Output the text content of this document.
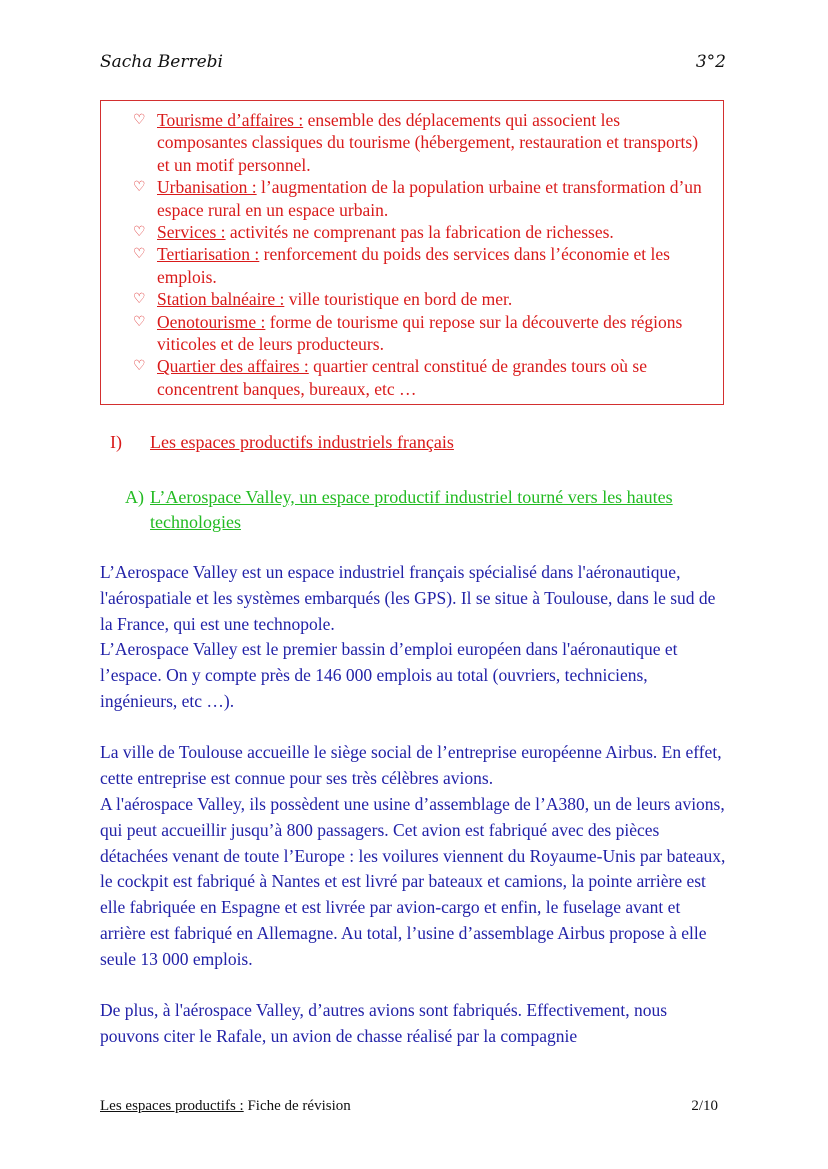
Sacha Berrebi	3°2
♡ Tourisme d’affaires : ensemble des déplacements qui associent les composantes classiques du tourisme (hébergement, restauration et transports) et un motif personnel.
♡ Urbanisation : l’augmentation de la population urbaine et transformation d’un espace rural en un espace urbain.
♡ Services : activités ne comprenant pas la fabrication de richesses.
♡ Tertiarisation : renforcement du poids des services dans l’économie et les emplois.
♡ Station balnéaire : ville touristique en bord de mer.
♡ Oenotourisme : forme de tourisme qui repose sur la découverte des régions viticoles et de leurs producteurs.
♡ Quartier des affaires : quartier central constitué de grandes tours où se concentrent banques, bureaux, etc …
I) Les espaces productifs industriels français
A) L’Aerospace Valley, un espace productif industriel tourné vers les hautes technologies

L’Aerospace Valley est un espace industriel français spécialisé dans l'aéronautique, l'aérospatiale et les systèmes embarqués (les GPS). Il se situe à Toulouse, dans le sud de la France, qui est une technopole.

L’Aerospace Valley est le premier bassin d’emploi européen dans l'aéronautique et l’espace. On y compte près de 146 000 emplois au total (ouvriers, techniciens, ingénieurs, etc …).

La ville de Toulouse accueille le siège social de l’entreprise européenne Airbus. En effet, cette entreprise est connue pour ses très célèbres avions.

A l'aérospace Valley, ils possèdent une usine d’assemblage de l’A380, un de leurs avions, qui peut accueillir jusqu’à 800 passagers. Cet avion est fabriqué avec des pièces détachées venant de toute l’Europe : les voilures viennent du Royaume-Unis par bateaux, le cockpit est fabriqué à Nantes et est livré par bateaux et camions, la pointe arrière est elle fabriquée en Espagne et est livrée par avion-cargo et enfin, le fuselage avant et arrière est fabriqué en Allemagne. Au total, l’usine d’assemblage Airbus propose à elle seule 13 000 emplois.

De plus, à l'aérospace Valley, d’autres avions sont fabriqués. Effectivement, nous pouvons citer le Rafale, un avion de chasse réalisé par la compagnie

Les espaces productifs : Fiche de révision	2/10
